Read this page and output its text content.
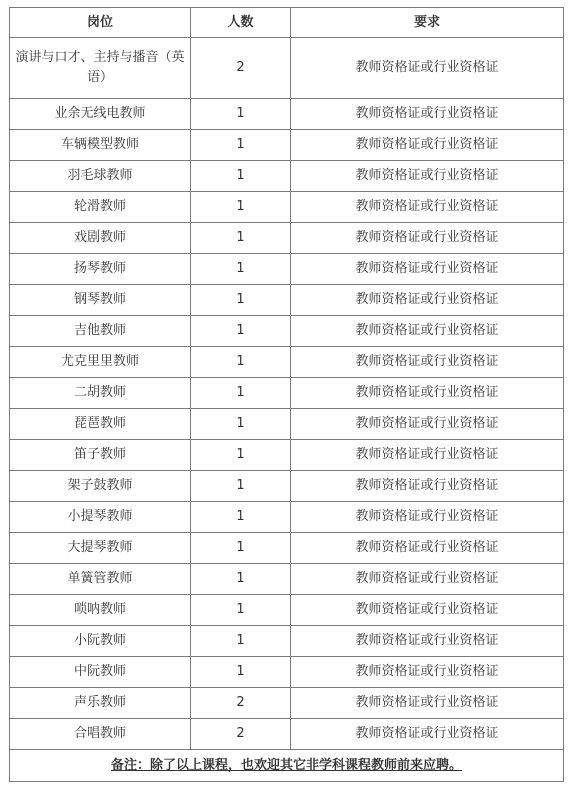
岗位	人数	要求
演讲与口才、主持与播音（英语）	2	教师资格证或行业资格证
业余无线电教师	1	教师资格证或行业资格证
车辆模型教师	1	教师资格证或行业资格证
羽毛球教师	1	教师资格证或行业资格证
轮滑教师	1	教师资格证或行业资格证
戏剧教师	1	教师资格证或行业资格证
扬琴教师	1	教师资格证或行业资格证
钢琴教师	1	教师资格证或行业资格证
吉他教师	1	教师资格证或行业资格证
尤克里里教师	1	教师资格证或行业资格证
二胡教师	1	教师资格证或行业资格证
琵琶教师	1	教师资格证或行业资格证
笛子教师	1	教师资格证或行业资格证
架子鼓教师	1	教师资格证或行业资格证
小提琴教师	1	教师资格证或行业资格证
大提琴教师	1	教师资格证或行业资格证
单簧管教师	1	教师资格证或行业资格证
唢呐教师	1	教师资格证或行业资格证
小阮教师	1	教师资格证或行业资格证
中阮教师	1	教师资格证或行业资格证
声乐教师	2	教师资格证或行业资格证
合唱教师	2	教师资格证或行业资格证
备注：除了以上课程，也欢迎其它非学科课程教师前来应聘。		
